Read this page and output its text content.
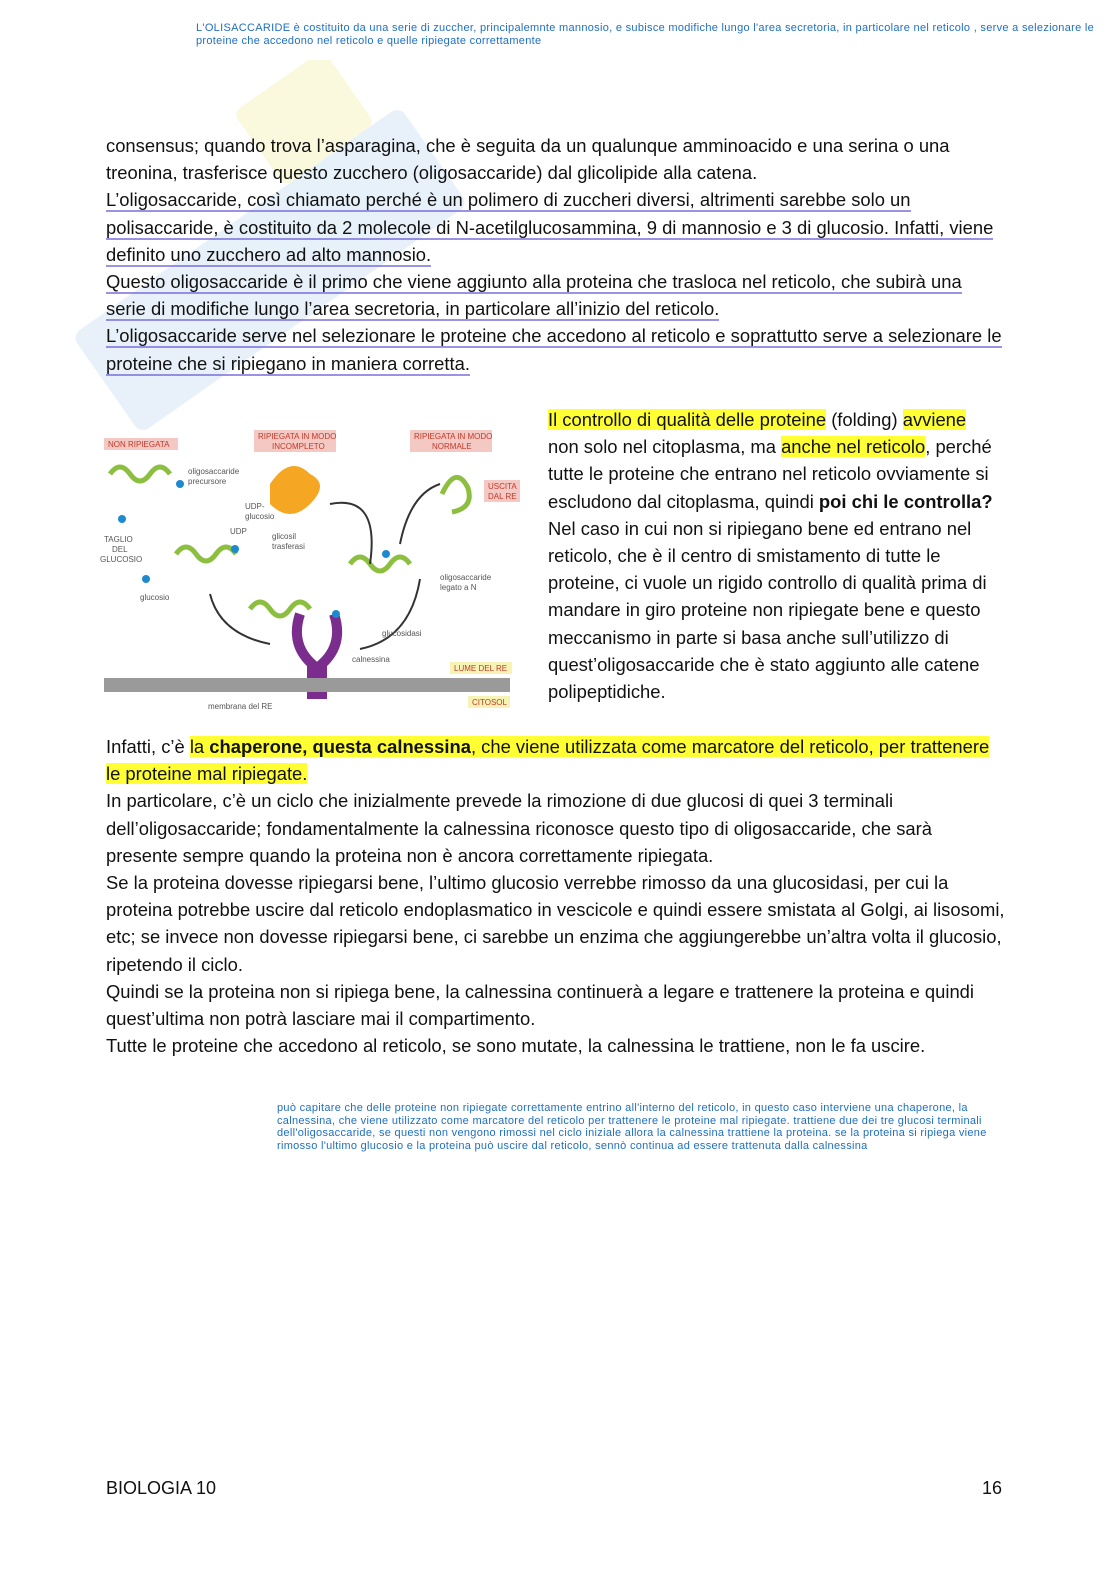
L'OLISACCARIDE è costituito da una serie di zuccher, principalemnte mannosio, e subisce modifiche lungo l'area secretoria, in particolare nel reticolo , serve a selezionare le proteine che accedono nel reticolo e quelle ripiegate correttamente

consensus; quando trova l’asparagina, che è seguita da un qualunque amminoacido e una serina o una treonina, trasferisce questo zucchero (oligosaccaride) dal glicolipide alla catena.

L’oligosaccaride, così chiamato perché è un polimero di zuccheri diversi, altrimenti sarebbe solo un polisaccaride, è costituito da 2 molecole di N-acetilglucosammina, 9 di mannosio e 3 di glucosio. Infatti, viene definito uno zucchero ad alto mannosio.

Questo oligosaccaride è il primo che viene aggiunto alla proteina che trasloca nel reticolo, che subirà una serie di modifiche lungo l’area secretoria, in particolare all’inizio del reticolo.

L’oligosaccaride serve nel selezionare le proteine che accedono al reticolo e soprattutto serve a selezionare le proteine che si ripiegano in maniera corretta.

NON RIPIEGATA
RIPIEGATA IN MODO
INCOMPLETO
RIPIEGATA IN MODO
NORMALE
USCITA
DAL RE
oligosaccaride
precursore
UDP-
glucosio
UDP
TAGLIO
DEL
GLUCOSIO
glicosil
trasferasi
oligosaccaride
legato a N
glucosio
glucosidasi
calnessina
LUME DEL RE
membrana del RE	CITOSOL

Il controllo di qualità delle proteine (folding) avviene non solo nel citoplasma, ma anche nel reticolo, perché tutte le proteine che entrano nel reticolo ovviamente si escludono dal citoplasma, quindi poi chi le controlla?

Nel caso in cui non si ripiegano bene ed entrano nel reticolo, che è il centro di smistamento di tutte le proteine, ci vuole un rigido controllo di qualità prima di mandare in giro proteine non ripiegate bene e questo meccanismo in parte si basa anche sull’utilizzo di quest’oligosaccaride che è stato aggiunto alle catene polipeptidiche.

Infatti, c’è la chaperone, questa calnessina, che viene utilizzata come marcatore del reticolo, per trattenere le proteine mal ripiegate.

In particolare, c’è un ciclo che inizialmente prevede la rimozione di due glucosi di quei 3 terminali dell’oligosaccaride; fondamentalmente la calnessina riconosce questo tipo di oligosaccaride, che sarà presente sempre quando la proteina non è ancora correttamente ripiegata.

Se la proteina dovesse ripiegarsi bene, l’ultimo glucosio verrebbe rimosso da una glucosidasi, per cui la proteina potrebbe uscire dal reticolo endoplasmatico in vescicole e quindi essere smistata al Golgi, ai lisosomi, etc; se invece non dovesse ripiegarsi bene, ci sarebbe un enzima che aggiungerebbe un’altra volta il glucosio, ripetendo il ciclo.

Quindi se la proteina non si ripiega bene, la calnessina continuerà a legare e trattenere la proteina e quindi quest’ultima non potrà lasciare mai il compartimento.

Tutte le proteine che accedono al reticolo, se sono mutate, la calnessina le trattiene, non le fa uscire.

può capitare che delle proteine non ripiegate correttamente entrino all'interno del reticolo, in questo caso interviene una chaperone, la calnessina, che viene utilizzato come marcatore del reticolo per trattenere le proteine mal ripiegate. trattiene due dei tre glucosi terminali dell'oligosaccaride, se questi non vengono rimossi nel ciclo iniziale allora la calnessina trattiene la proteina. se la proteina si ripiega viene rimosso l'ultimo glucosio e la proteina può uscire dal reticolo, sennò continua ad essere trattenuta dalla calnessina
BIOLOGIA 10	16
